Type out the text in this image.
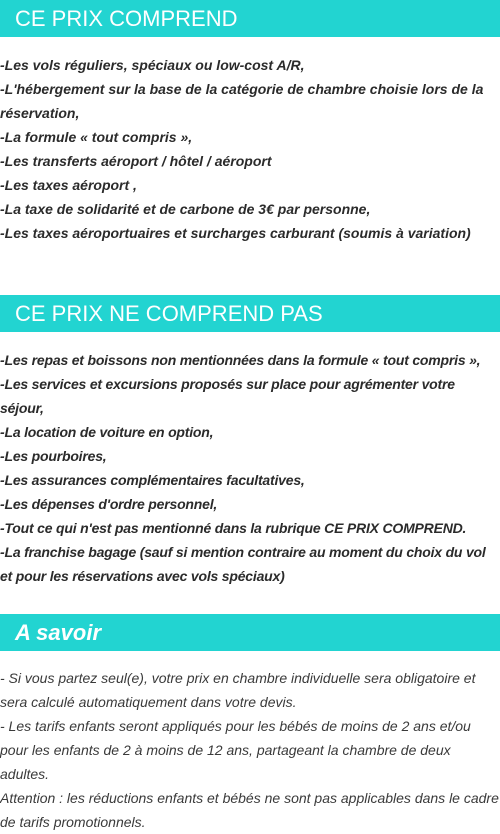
CE PRIX COMPREND
-Les vols réguliers, spéciaux ou low-cost A/R,
-L'hébergement sur la base de la catégorie de chambre choisie lors de la réservation,
-La formule « tout compris »,
-Les transferts aéroport / hôtel / aéroport
-Les taxes aéroport ,
-La taxe de solidarité et de carbone de 3€ par personne,
-Les taxes aéroportuaires et surcharges carburant (soumis à variation)
CE PRIX NE COMPREND PAS
-Les repas et boissons non mentionnées dans la formule « tout compris »,
-Les services et excursions proposés sur place pour agrémenter votre séjour,
-La location de voiture en option,
-Les pourboires,
-Les assurances complémentaires facultatives,
-Les dépenses d'ordre personnel,
-Tout ce qui n'est pas mentionné dans la rubrique CE PRIX COMPREND.
-La franchise bagage (sauf si mention contraire au moment du choix du vol et pour les réservations avec vols spéciaux)
A savoir
- Si vous partez seul(e), votre prix en chambre individuelle sera obligatoire et sera calculé automatiquement dans votre devis.
- Les tarifs enfants seront appliqués pour les bébés de moins de 2 ans et/ou pour les enfants de 2 à moins de 12 ans, partageant la chambre de deux adultes.
Attention : les réductions enfants et bébés ne sont pas applicables dans le cadre de tarifs promotionnels.
